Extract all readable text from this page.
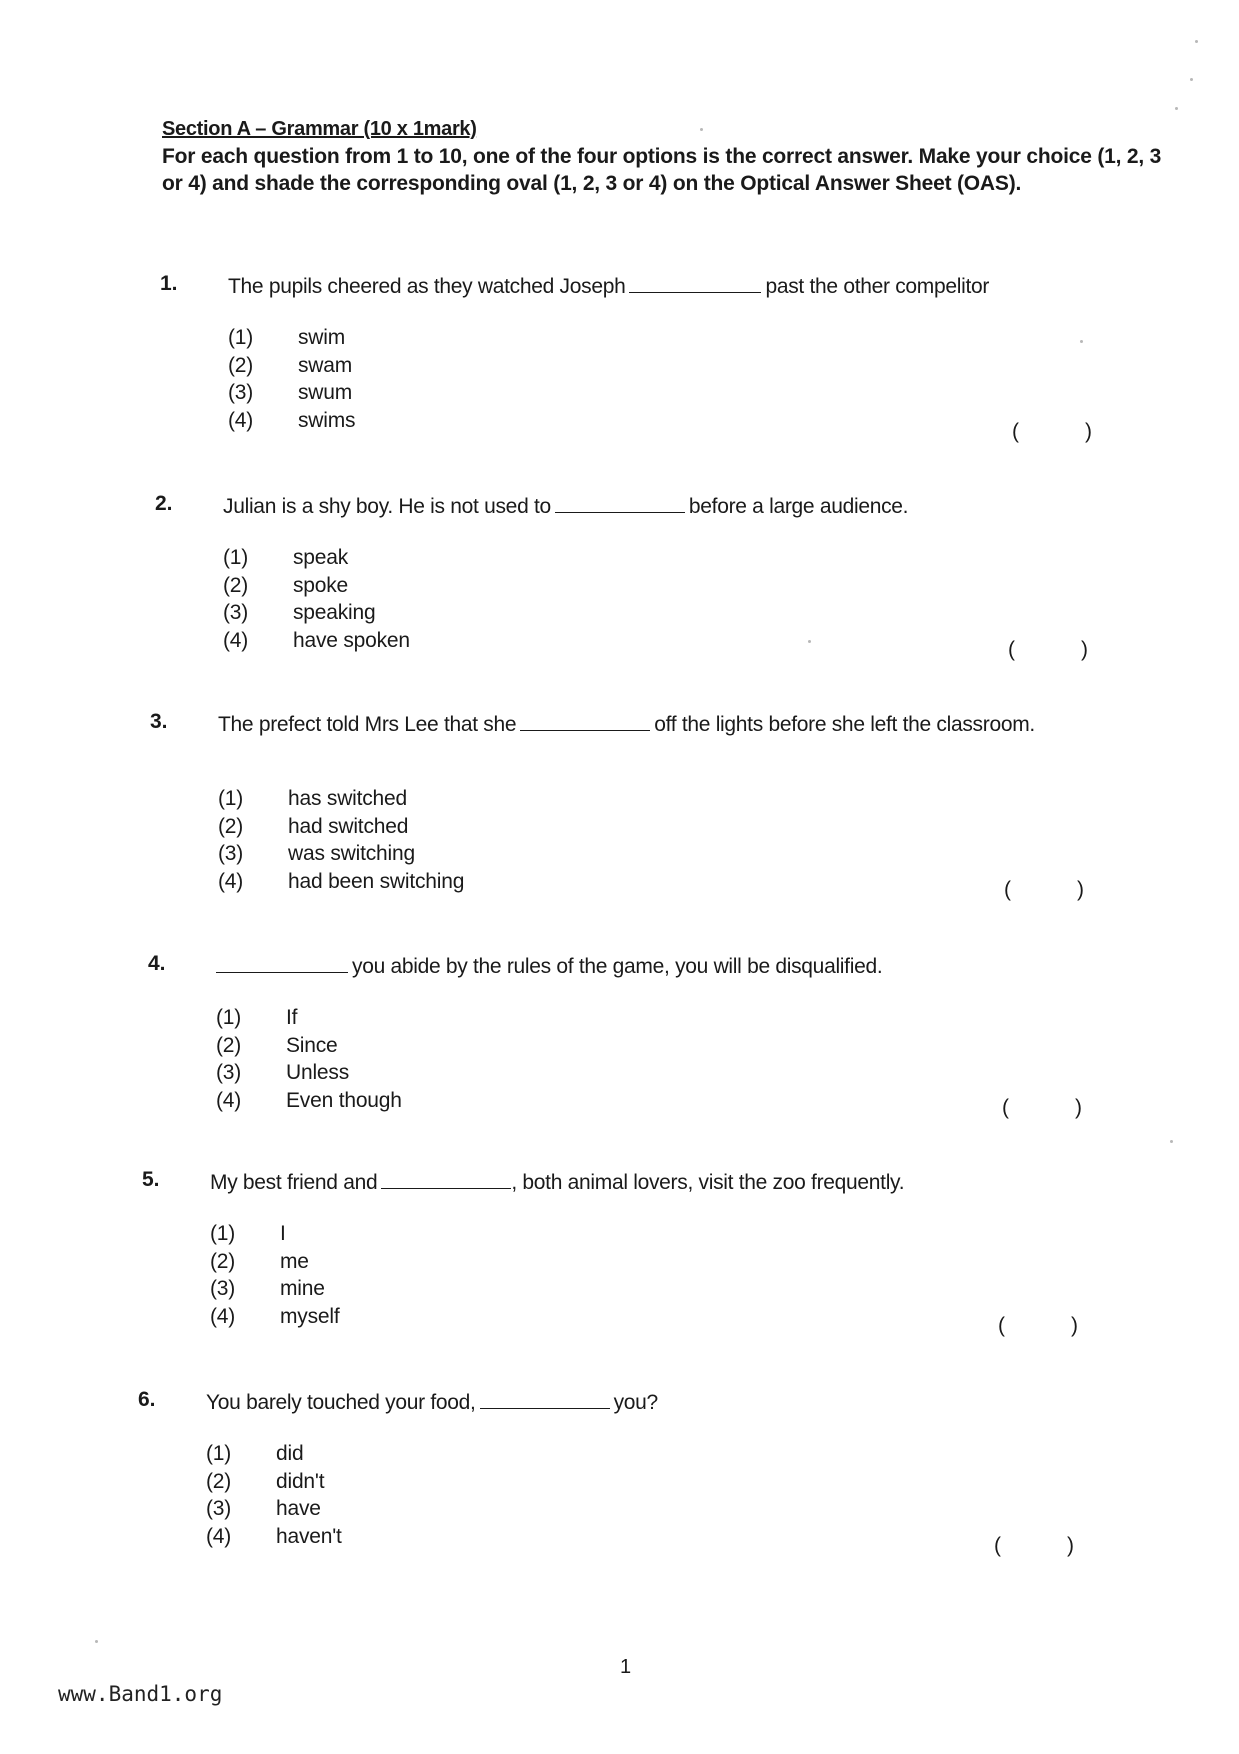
Section A – Grammar (10 x 1mark)
For each question from 1 to 10, one of the four options is the correct answer. Make your choice (1, 2, 3 or 4) and shade the corresponding oval (1, 2, 3 or 4) on the Optical Answer Sheet (OAS).
1. The pupils cheered as they watched Joseph	past the other compelitor
(1) swim
(2) swam
(3) swum
(4) swims	(	)
2. Julian is a shy boy. He is not used to	before a large audience.
(1) speak
(2) spoke
(3) speaking
(4) have spoken	(	)
3. The prefect told Mrs Lee that she	off the lights before she left the classroom.
(1) has switched
(2) had switched
(3) was switching
(4) had been switching	(	)
4.	you abide by the rules of the game, you will be disqualified.
(1) If
(2) Since
(3) Unless
(4) Even though	(	)
5. My best friend and	, both animal lovers, visit the zoo frequently.
(1) I
(2) me
(3) mine
(4) myself	(	)
6. You barely touched your food,	you?
(1) did
(2) didn't
(3) have
(4) haven't	(	)
1
www.Band1.org
